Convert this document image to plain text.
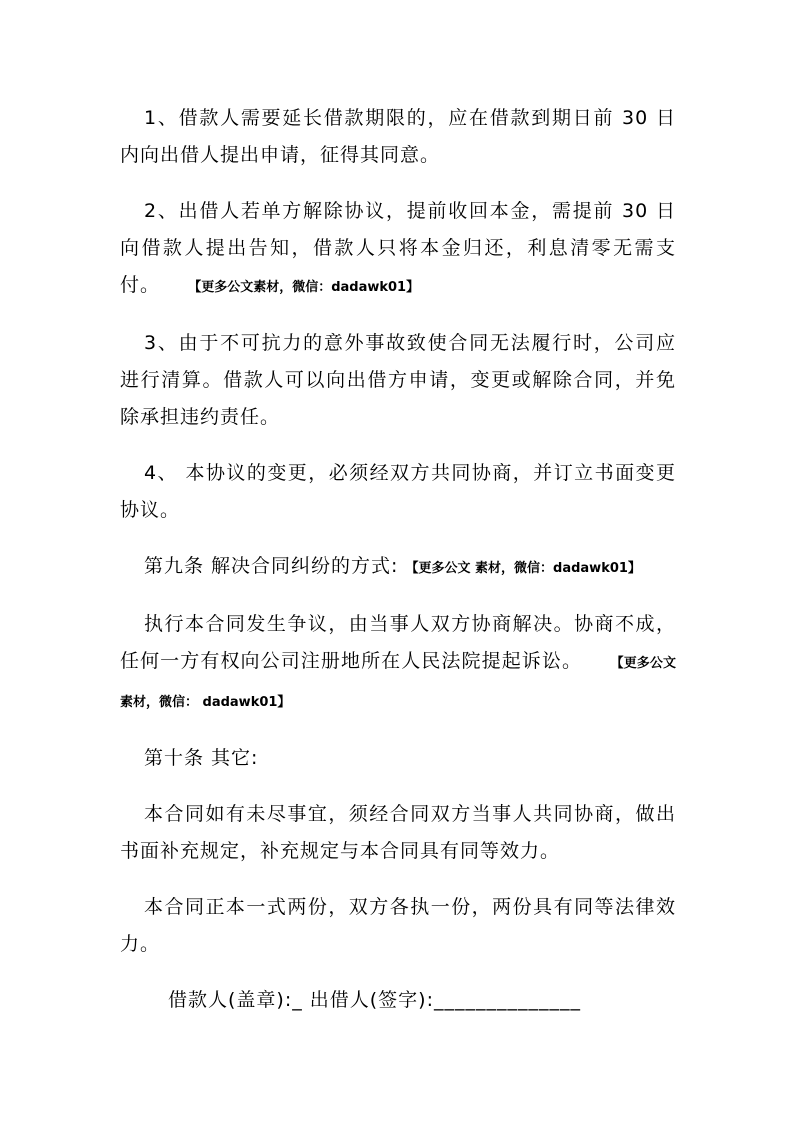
1、借款人需要延长借款期限的，应在借款到期日前 30 日内向出借人提出申请，征得其同意。

2、出借人若单方解除协议，提前收回本金，需提前 30 日向借款人提出告知，借款人只将本金归还，利息清零无需支付。 【更多公文素材，微信：dadawk01】

3、由于不可抗力的意外事故致使合同无法履行时，公司应进行清算。借款人可以向出借方申请，变更或解除合同，并免除承担违约责任。

4、 本协议的变更，必须经双方共同协商，并订立书面变更协议。

第九条 解决合同纠纷的方式: 【更多公文 素材，微信：dadawk01】

执行本合同发生争议，由当事人双方协商解决。协商不成，任何一方有权向公司注册地所在人民法院提起诉讼。 【更多公文素材，微信： dadawk01】

第十条 其它:

本合同如有未尽事宜，须经合同双方当事人共同协商，做出书面补充规定，补充规定与本合同具有同等效力。

本合同正本一式两份，双方各执一份，两份具有同等法律效力。

借款人(盖章):_ 出借人(签字):______________
